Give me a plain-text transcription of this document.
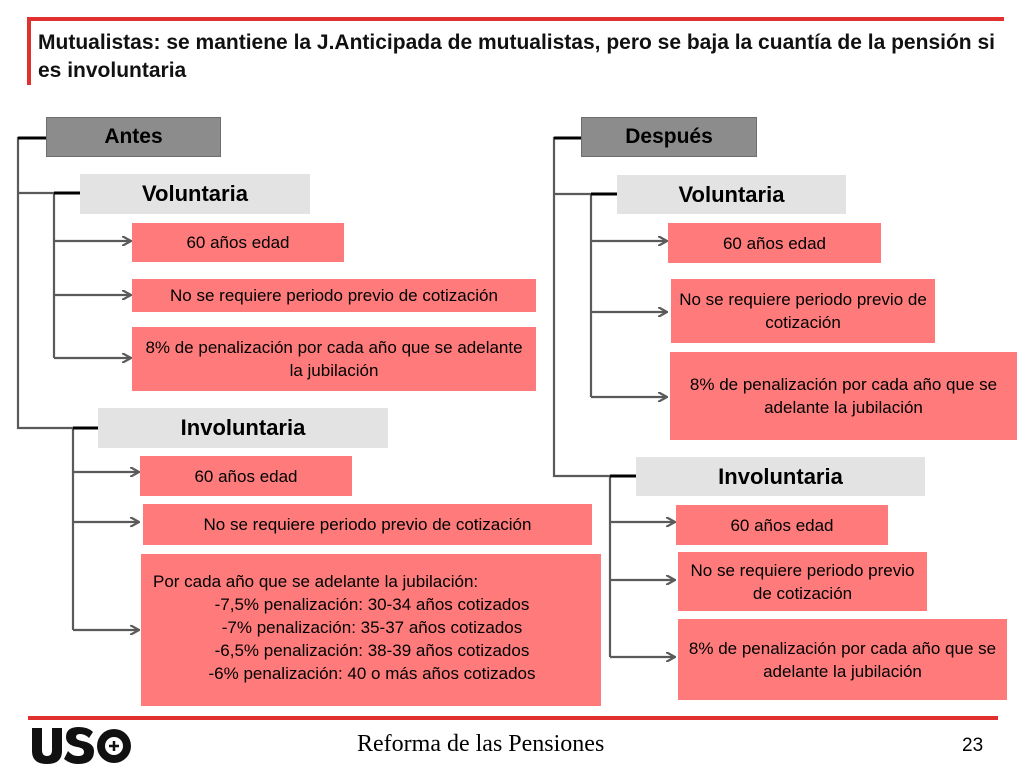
Mutualistas: se mantiene la J.Anticipada de mutualistas, pero se baja la cuantía de la pensión si es involuntaria
Antes
Voluntaria
60 años edad
No se requiere periodo previo de cotización
8% de penalización por cada año que se adelante la jubilación
Involuntaria
60 años edad
No se requiere periodo previo de cotización
Por cada año que se adelante la jubilación:
-7,5% penalización: 30-34 años cotizados
-7% penalización: 35-37 años cotizados
-6,5% penalización: 38-39 años cotizados
-6% penalización: 40 o más años cotizados
Después
Voluntaria
60 años edad
No se requiere periodo previo de cotización
8% de penalización por cada año que se adelante la jubilación
Involuntaria
60 años edad
No se requiere periodo previo de cotización
8% de penalización por cada año que se adelante la jubilación
Reforma de las Pensiones	23
